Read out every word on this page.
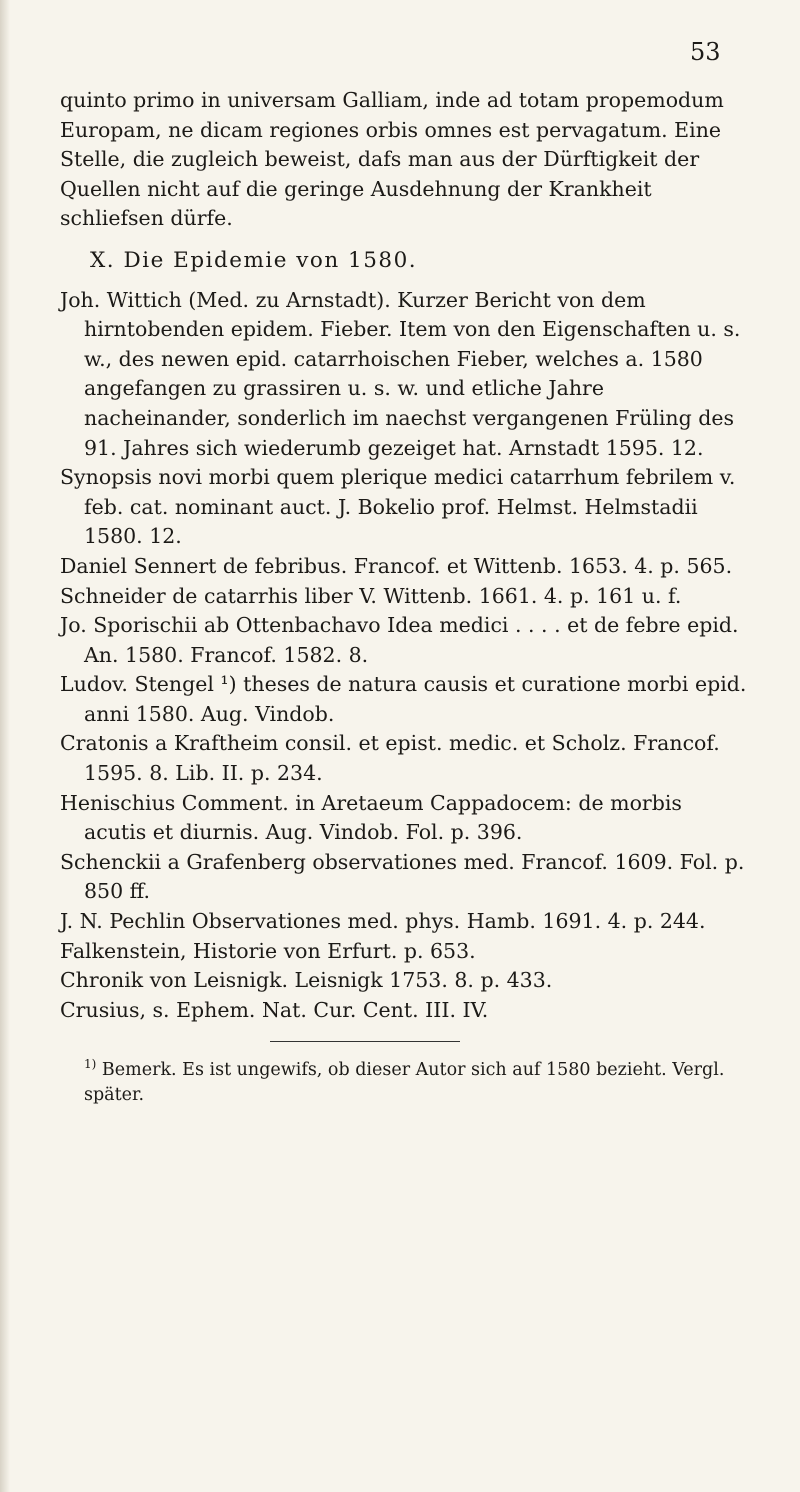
53

quinto primo in universam Galliam, inde ad totam propemodum Europam, ne dicam regiones orbis omnes est pervagatum. Eine Stelle, die zugleich beweist, dafs man aus der Dürftigkeit der Quellen nicht auf die geringe Ausdehnung der Krankheit schliefsen dürfe.

X. Die Epidemie von 1580.

Joh. Wittich (Med. zu Arnstadt). Kurzer Bericht von dem hirntobenden epidem. Fieber. Item von den Eigenschaften u. s. w., des newen epid. catarrhoischen Fieber, welches a. 1580 angefangen zu grassiren u. s. w. und etliche Jahre nacheinander, sonderlich im naechst vergangenen Früling des 91. Jahres sich wiederumb gezeiget hat. Arnstadt 1595. 12.

Synopsis novi morbi quem plerique medici catarrhum febrilem v. feb. cat. nominant auct. J. Bokelio prof. Helmst. Helmstadii 1580. 12.

Daniel Sennert de febribus. Francof. et Wittenb. 1653. 4. p. 565.

Schneider de catarrhis liber V. Wittenb. 1661. 4. p. 161 u. f.

Jo. Sporischii ab Ottenbachavo Idea medici . . . . et de febre epid. An. 1580. Francof. 1582. 8.

Ludov. Stengel ¹) theses de natura causis et curatione morbi epid. anni 1580. Aug. Vindob.

Cratonis a Kraftheim consil. et epist. medic. et Scholz. Francof. 1595. 8. Lib. II. p. 234.

Henischius Comment. in Aretaeum Cappadocem: de morbis acutis et diurnis. Aug. Vindob. Fol. p. 396.

Schenckii a Grafenberg observationes med. Francof. 1609. Fol. p. 850 ff.

J. N. Pechlin Observationes med. phys. Hamb. 1691. 4. p. 244.

Falkenstein, Historie von Erfurt. p. 653.

Chronik von Leisnigk. Leisnigk 1753. 8. p. 433.

Crusius, s. Ephem. Nat. Cur. Cent. III. IV.

$^{1)}$ Bemerk. Es ist ungewifs, ob dieser Autor sich auf 1580 bezieht. Vergl. später.
